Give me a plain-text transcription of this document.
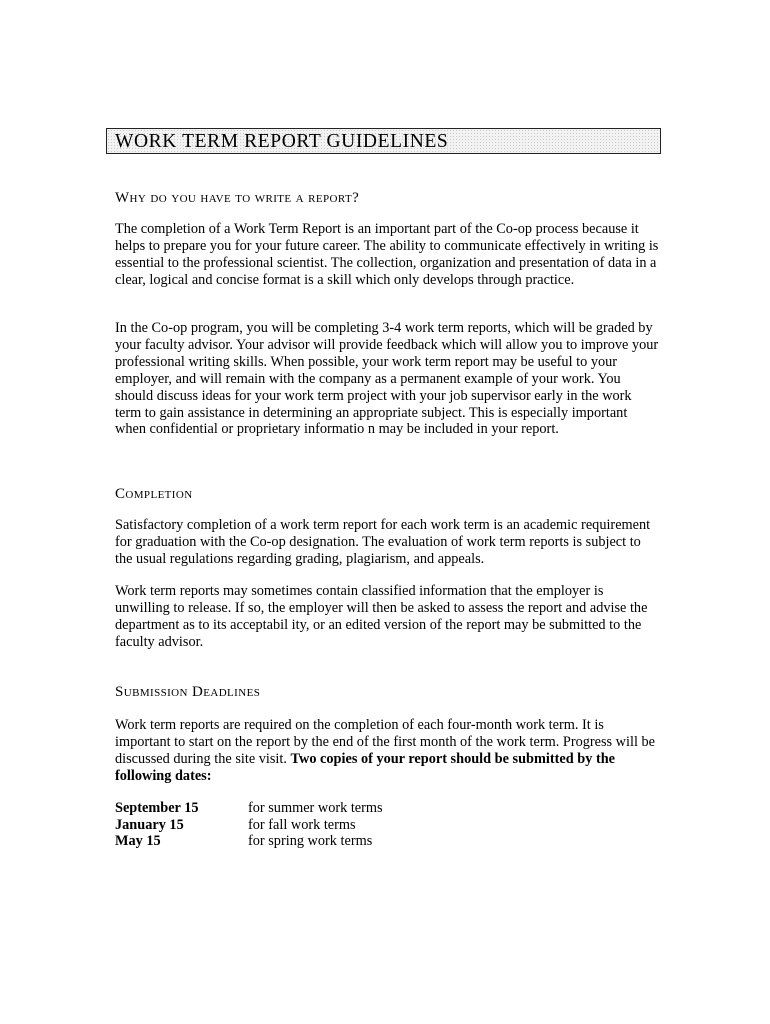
WORK TERM REPORT GUIDELINES
Why do you have to write a report?
The completion of a Work Term Report is an important part of the Co-op process because it helps to prepare you for your future career. The ability to communicate effectively in writing is essential to the professional scientist. The collection, organization and presentation of data in a clear, logical and concise format is a skill which only develops through practice.
In the Co-op program, you will be completing 3-4 work term reports, which will be graded by your faculty advisor. Your advisor will provide feedback which will allow you to improve your professional writing skills. When possible, your work term report may be useful to your employer, and will remain with the company as a permanent example of your work. You should discuss ideas for your work term project with your job supervisor early in the work term to gain assistance in determining an appropriate subject. This is especially important when confidential or proprietary informatio n may be included in your report.
Completion
Satisfactory completion of a work term report for each work term is an academic requirement for graduation with the Co-op designation. The evaluation of work term reports is subject to the usual regulations regarding grading, plagiarism, and appeals.
Work term reports may sometimes contain classified information that the employer is unwilling to release. If so, the employer will then be asked to assess the report and advise the department as to its acceptabil ity, or an edited version of the report may be submitted to the faculty advisor.
Submission Deadlines
Work term reports are required on the completion of each four-month work term. It is important to start on the report by the end of the first month of the work term. Progress will be discussed during the site visit. Two copies of your report should be submitted by the following dates:
September 15	for summer work terms
January 15	for fall work terms
May 15	for spring work terms
